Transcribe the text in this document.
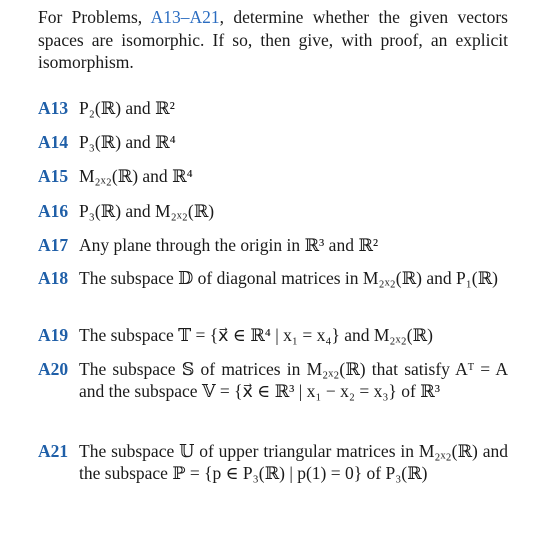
For Problems, A13–A21, determine whether the given vectors spaces are isomorphic. If so, then give, with proof, an explicit isomorphism.
A13 P₂(ℝ) and ℝ²
A14 P₃(ℝ) and ℝ⁴
A15 M₂ₓ₂(ℝ) and ℝ⁴
A16 P₃(ℝ) and M₂ₓ₂(ℝ)
A17 Any plane through the origin in ℝ³ and ℝ²
A18 The subspace 𝔻 of diagonal matrices in M₂ₓ₂(ℝ) and P₁(ℝ)
A19 The subspace 𝕋 = {x⃗ ∈ ℝ⁴ | x₁ = x₄} and M₂ₓ₂(ℝ)
A20 The subspace 𝕊 of matrices in M₂ₓ₂(ℝ) that satisfy Aᵀ = A and the subspace 𝕍 = {x⃗ ∈ ℝ³ | x₁ − x₂ = x₃} of ℝ³
A21 The subspace 𝕌 of upper triangular matrices in M₂ₓ₂(ℝ) and the subspace ℙ = {p ∈ P₃(ℝ) | p(1) = 0} of P₃(ℝ)
